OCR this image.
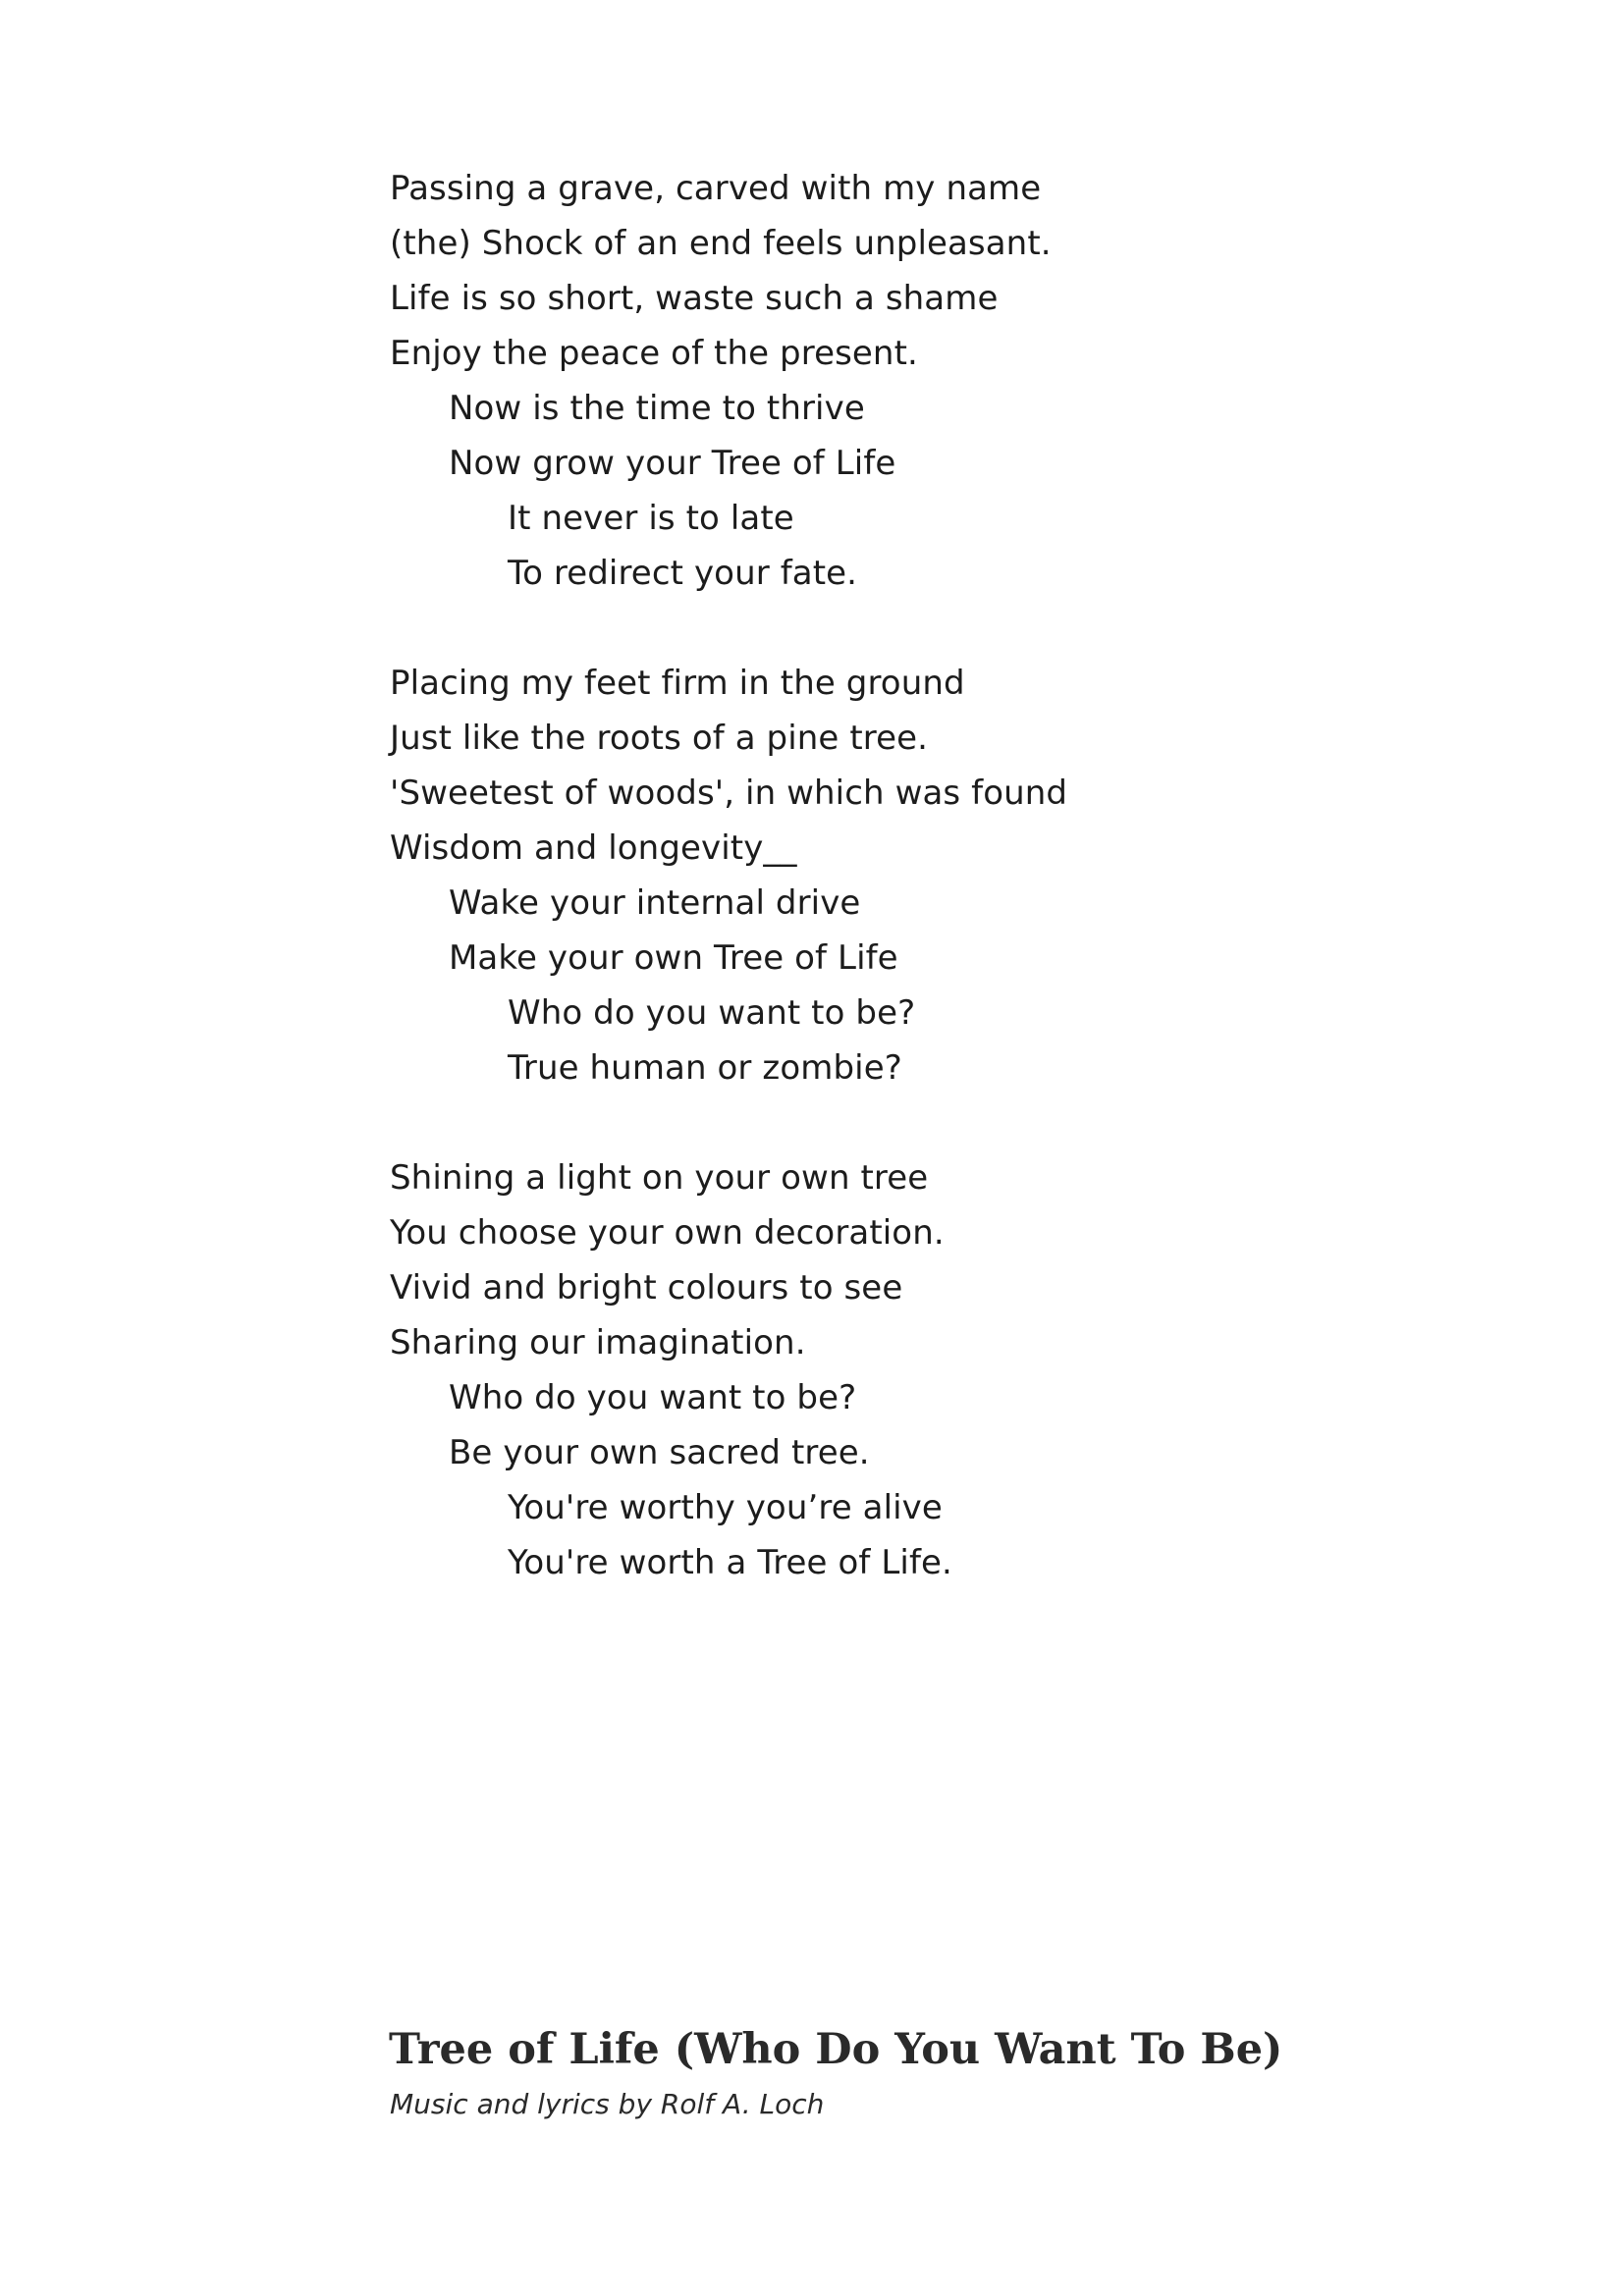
Passing a grave, carved with my name
(the) Shock of an end feels unpleasant.
Life is so short, waste such a shame
Enjoy the peace of the present.
Now is the time to thrive
Now grow your Tree of Life
It never is to late
To redirect your fate.
Placing my feet firm in the ground
Just like the roots of a pine tree.
'Sweetest of woods', in which was found
Wisdom and longevity__
Wake your internal drive
Make your own Tree of Life
Who do you want to be?
True human or zombie?
Shining a light on your own tree
You choose your own decoration.
Vivid and bright colours to see
Sharing our imagination.
Who do you want to be?
Be your own sacred tree.
You're worthy you’re alive
You're worth a Tree of Life.
Tree of Life (Who Do You Want To Be)

Music and lyrics by Rolf A. Loch
